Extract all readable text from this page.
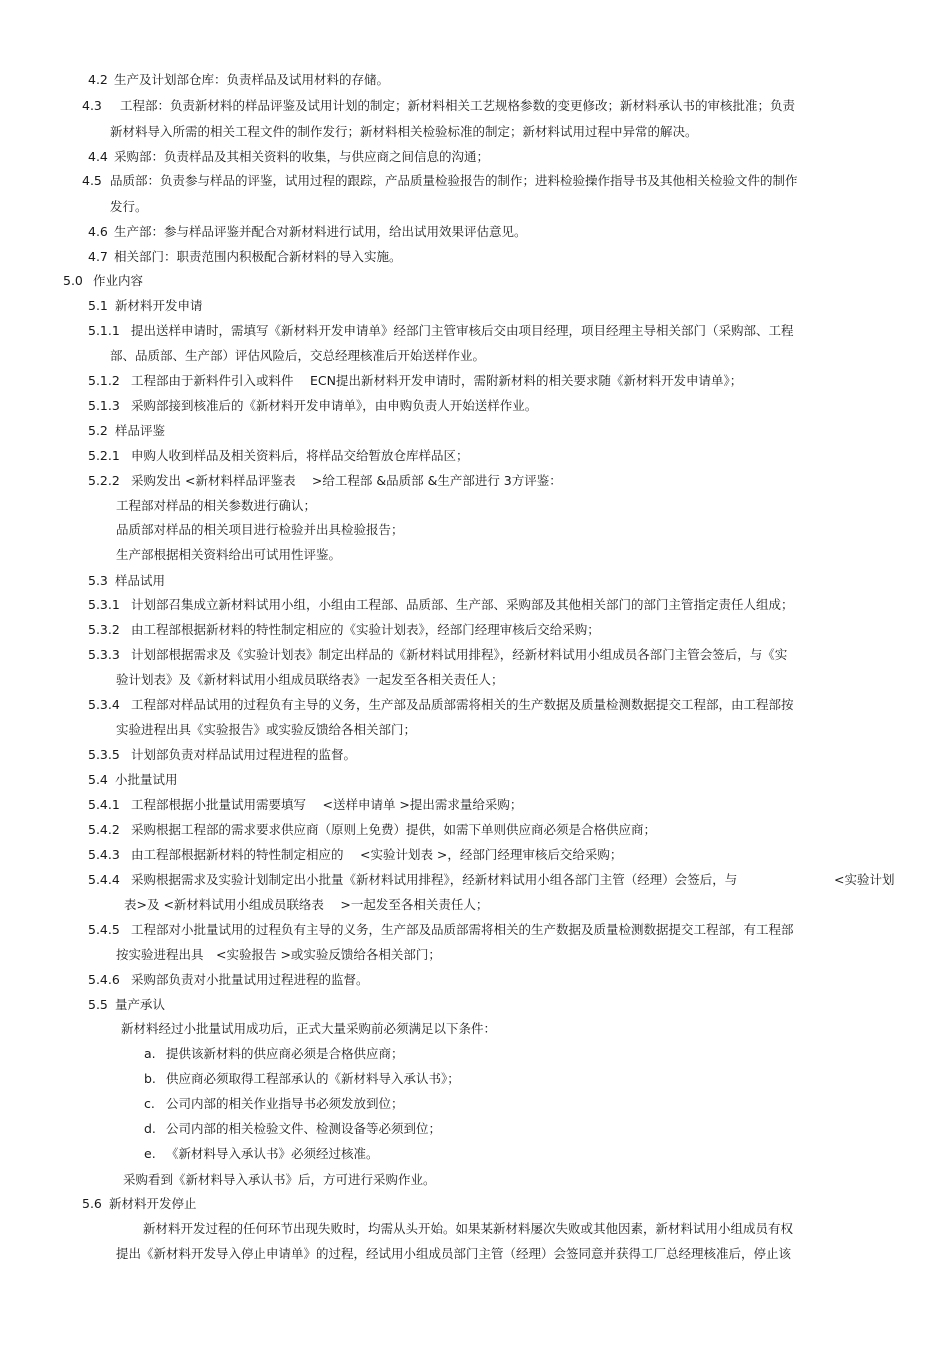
4.2 生产及计划部仓库：负责样品及试用材料的存储。
4.3 工程部：负责新材料的样品评鉴及试用计划的制定；新材料相关工艺规格参数的变更修改；新材料承认书的审核批准；负责
新材料导入所需的相关工程文件的制作发行；新材料相关检验标准的制定；新材料试用过程中异常的解决。
4.4 采购部：负责样品及其相关资料的收集，与供应商之间信息的沟通；
4.5 品质部：负责参与样品的评鉴，试用过程的跟踪，产品质量检验报告的制作；进料检验操作指导书及其他相关检验文件的制作
发行。
4.6 生产部：参与样品评鉴并配合对新材料进行试用，给出试用效果评估意见。
4.7 相关部门：职责范围内积极配合新材料的导入实施。
5.0 作业内容
5.1 新材料开发申请
5.1.1 提出送样申请时，需填写《新材料开发申请单》经部门主管审核后交由项目经理，项目经理主导相关部门（采购部、工程
部、品质部、生产部）评估风险后，交总经理核准后开始送样作业。
5.1.2 工程部由于新料件引入或料件　 ECN提出新材料开发申请时，需附新材料的相关要求随《新材料开发申请单》；
5.1.3 采购部接到核准后的《新材料开发申请单》，由申购负责人开始送样作业。
5.2 样品评鉴
5.2.1 申购人收到样品及相关资料后，将样品交给暂放仓库样品区；
5.2.2 采购发出 <新材料样品评鉴表　 >给工程部 &品质部 &生产部进行 3方评鉴：
工程部对样品的相关参数进行确认；
品质部对样品的相关项目进行检验并出具检验报告；
生产部根据相关资料给出可试用性评鉴。
5.3 样品试用
5.3.1 计划部召集成立新材料试用小组，小组由工程部、品质部、生产部、采购部及其他相关部门的部门主管指定责任人组成；
5.3.2 由工程部根据新材料的特性制定相应的《实验计划表》，经部门经理审核后交给采购；
5.3.3 计划部根据需求及《实验计划表》制定出样品的《新材料试用排程》，经新材料试用小组成员各部门主管会签后，与《实
验计划表》及《新材料试用小组成员联络表》一起发至各相关责任人；
5.3.4 工程部对样品试用的过程负有主导的义务，生产部及品质部需将相关的生产数据及质量检测数据提交工程部，由工程部按
实验进程出具《实验报告》或实验反馈给各相关部门；
5.3.5 计划部负责对样品试用过程进程的监督。
5.4 小批量试用
5.4.1 工程部根据小批量试用需要填写　 <送样申请单 >提出需求量给采购；
5.4.2 采购根据工程部的需求要求供应商（原则上免费）提供，如需下单则供应商必须是合格供应商；
5.4.3 由工程部根据新材料的特性制定相应的　 <实验计划表 >，经部门经理审核后交给采购；
5.4.4 采购根据需求及实验计划制定出小批量《新材料试用排程》，经新材料试用小组各部门主管（经理）会签后，与	<实验计划
表>及 <新材料试用小组成员联络表　 >一起发至各相关责任人；
5.4.5 工程部对小批量试用的过程负有主导的义务，生产部及品质部需将相关的生产数据及质量检测数据提交工程部，有工程部
按实验进程出具　<实验报告 >或实验反馈给各相关部门；
5.4.6 采购部负责对小批量试用过程进程的监督。
5.5 量产承认
新材料经过小批量试用成功后，正式大量采购前必须满足以下条件：
a. 提供该新材料的供应商必须是合格供应商；
b. 供应商必须取得工程部承认的《新材料导入承认书》；
c. 公司内部的相关作业指导书必须发放到位；
d. 公司内部的相关检验文件、检测设备等必须到位；
e. 《新材料导入承认书》必须经过核准。
采购看到《新材料导入承认书》后，方可进行采购作业。
5.6 新材料开发停止
新材料开发过程的任何环节出现失败时，均需从头开始。如果某新材料屡次失败或其他因素，新材料试用小组成员有权
提出《新材料开发导入停止申请单》的过程，经试用小组成员部门主管（经理）会签同意并获得工厂总经理核准后，停止该
